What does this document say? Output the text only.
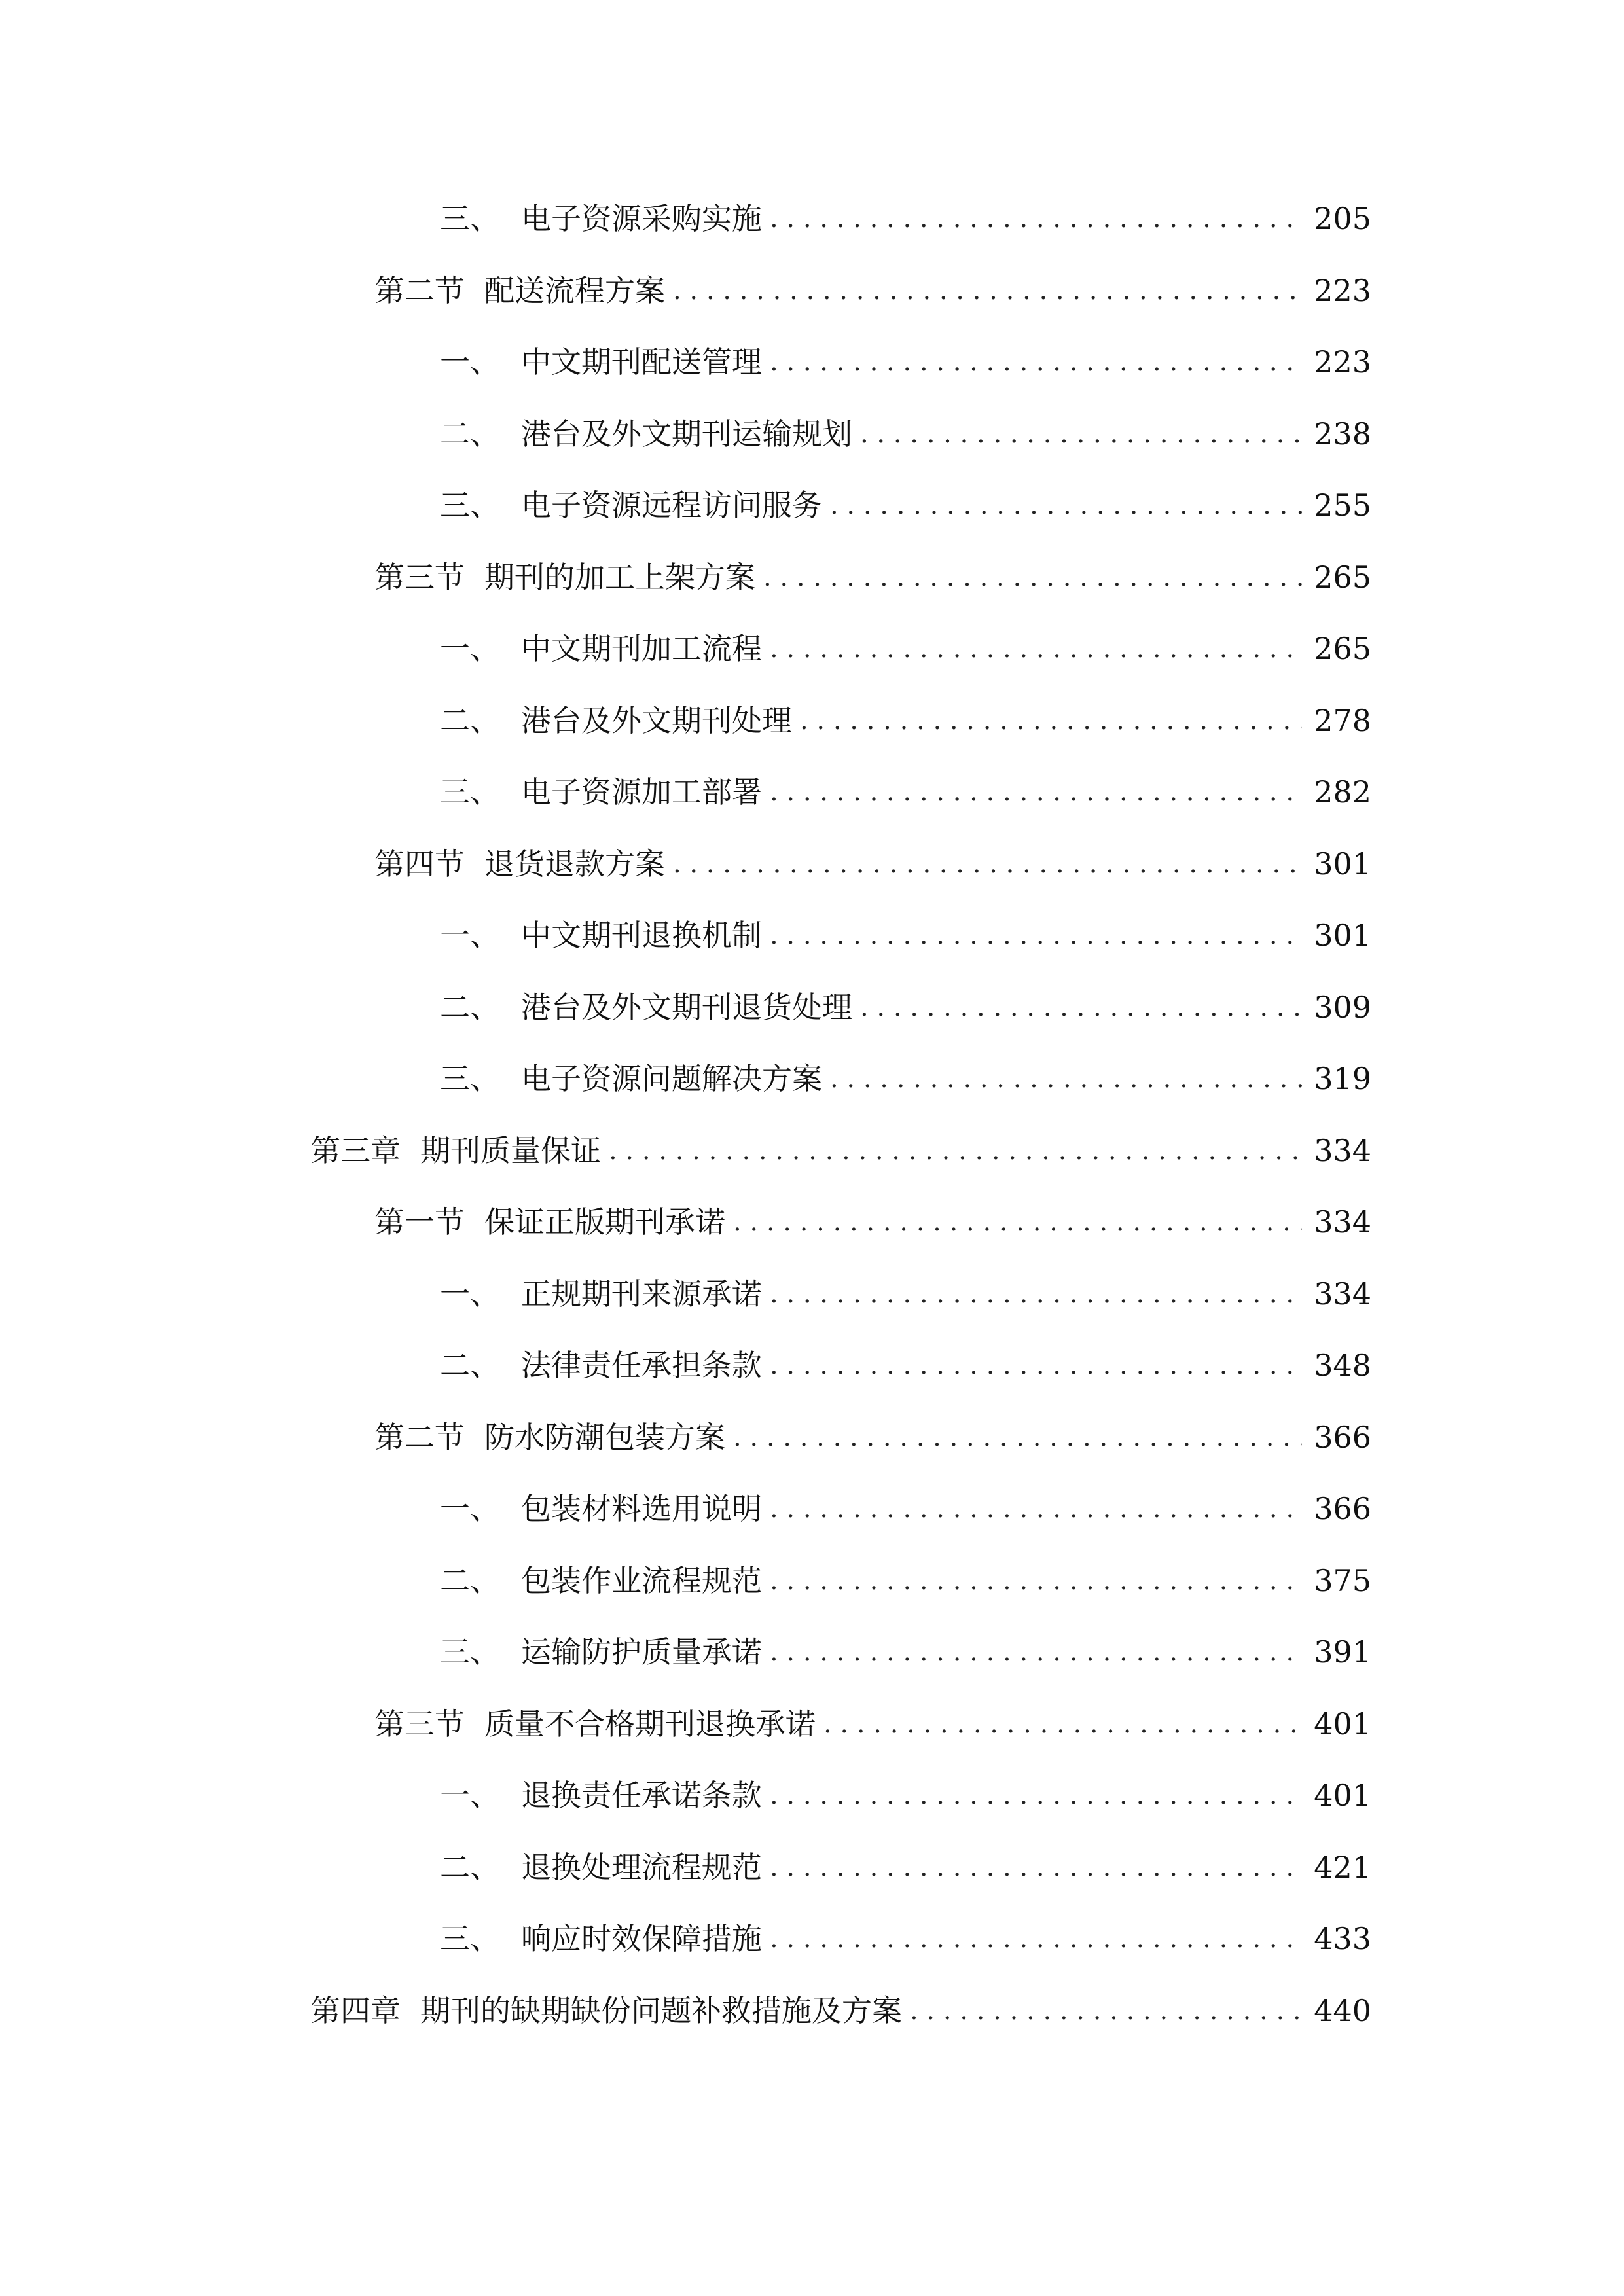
三、 电子资源采购实施 . . .	205
第二节 配送流程方案 . . .	223
一、 中文期刊配送管理 . . .	223
二、 港台及外文期刊运输规划 . . .	238
三、 电子资源远程访问服务 . . .	255
第三节 期刊的加工上架方案 . . .	265
一、 中文期刊加工流程 . . .	265
二、 港台及外文期刊处理 . . .	278
三、 电子资源加工部署 . . .	282
第四节 退货退款方案 . . .	301
一、 中文期刊退换机制 . . .	301
二、 港台及外文期刊退货处理 . . .	309
三、 电子资源问题解决方案 . . .	319
第三章 期刊质量保证 . . .	334
第一节 保证正版期刊承诺 . . .	334
一、 正规期刊来源承诺 . . .	334
二、 法律责任承担条款 . . .	348
第二节 防水防潮包装方案 . . .	366
一、 包装材料选用说明 . . .	366
二、 包装作业流程规范 . . .	375
三、 运输防护质量承诺 . . .	391
第三节 质量不合格期刊退换承诺 . . .	401
一、 退换责任承诺条款 . . .	401
二、 退换处理流程规范 . . .	421
三、 响应时效保障措施 . . .	433
第四章 期刊的缺期缺份问题补救措施及方案 . . .	440
